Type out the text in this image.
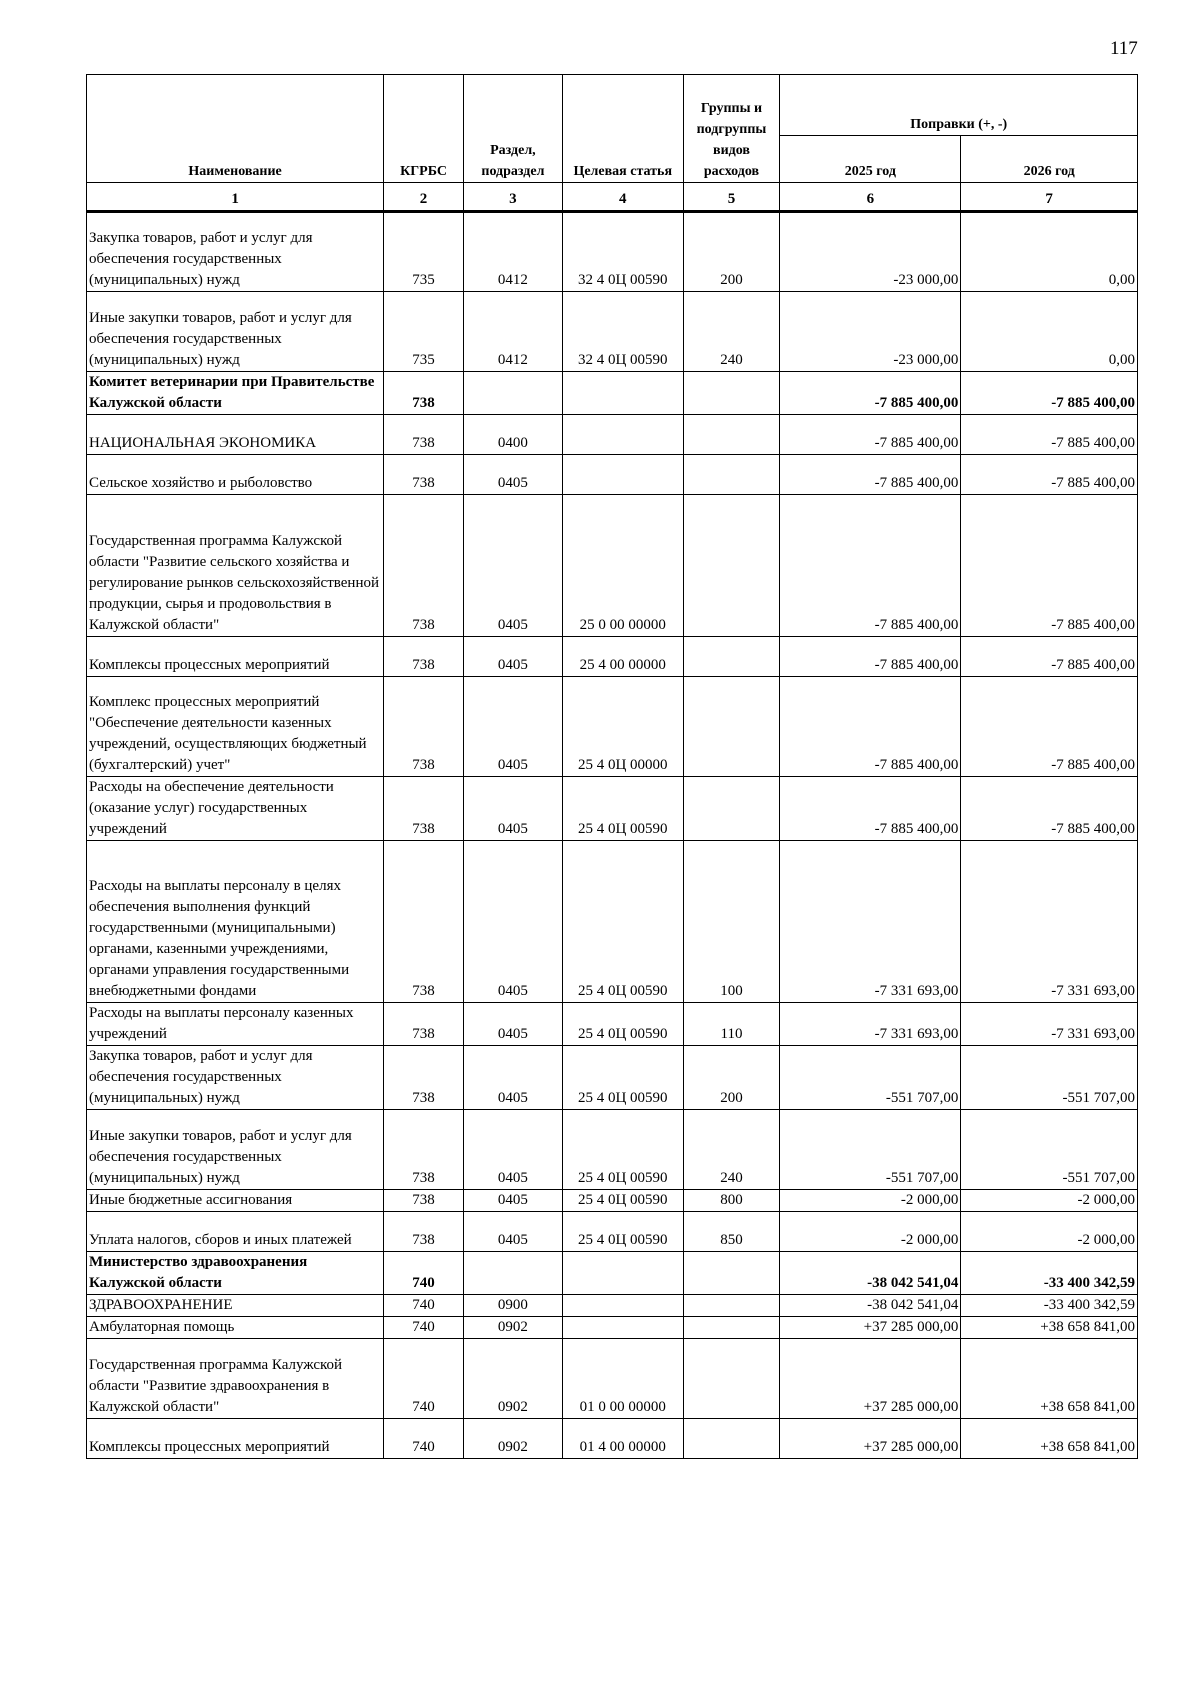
117
Наименование	КГРБС	Раздел, подраздел	Целевая статья	Группы и подгруппы видов расходов	Поправки (+, -)	
					2025 год	2026 год
1	2	3	4	5	6	7
Закупка товаров, работ и услуг для обеспечения государственных (муниципальных) нужд	735	0412	32 4 0Ц 00590	200	-23 000,00	0,00
Иные закупки товаров, работ и услуг для обеспечения государственных (муниципальных) нужд	735	0412	32 4 0Ц 00590	240	-23 000,00	0,00
Комитет ветеринарии при Правительстве Калужской области	738				-7 885 400,00	-7 885 400,00
НАЦИОНАЛЬНАЯ ЭКОНОМИКА	738	0400			-7 885 400,00	-7 885 400,00
Сельское хозяйство и рыболовство	738	0405			-7 885 400,00	-7 885 400,00
Государственная программа Калужской области "Развитие сельского хозяйства и регулирование рынков сельскохозяйственной продукции, сырья и продовольствия в Калужской области"	738	0405	25 0 00 00000		-7 885 400,00	-7 885 400,00
Комплексы процессных мероприятий	738	0405	25 4 00 00000		-7 885 400,00	-7 885 400,00
Комплекс процессных мероприятий "Обеспечение деятельности казенных учреждений, осуществляющих бюджетный (бухгалтерский) учет"	738	0405	25 4 0Ц 00000		-7 885 400,00	-7 885 400,00
Расходы на обеспечение деятельности (оказание услуг) государственных учреждений	738	0405	25 4 0Ц 00590		-7 885 400,00	-7 885 400,00
Расходы на выплаты персоналу в целях обеспечения выполнения функций государственными (муниципальными) органами, казенными учреждениями, органами управления государственными внебюджетными фондами	738	0405	25 4 0Ц 00590	100	-7 331 693,00	-7 331 693,00
Расходы на выплаты персоналу казенных учреждений	738	0405	25 4 0Ц 00590	110	-7 331 693,00	-7 331 693,00
Закупка товаров, работ и услуг для обеспечения государственных (муниципальных) нужд	738	0405	25 4 0Ц 00590	200	-551 707,00	-551 707,00
Иные закупки товаров, работ и услуг для обеспечения государственных (муниципальных) нужд	738	0405	25 4 0Ц 00590	240	-551 707,00	-551 707,00
Иные бюджетные ассигнования	738	0405	25 4 0Ц 00590	800	-2 000,00	-2 000,00
Уплата налогов, сборов и иных платежей	738	0405	25 4 0Ц 00590	850	-2 000,00	-2 000,00
Министерство здравоохранения Калужской области	740				-38 042 541,04	-33 400 342,59
ЗДРАВООХРАНЕНИЕ	740	0900			-38 042 541,04	-33 400 342,59
Амбулаторная помощь	740	0902			+37 285 000,00	+38 658 841,00
Государственная программа Калужской области "Развитие здравоохранения в Калужской области"	740	0902	01 0 00 00000		+37 285 000,00	+38 658 841,00
Комплексы процессных мероприятий	740	0902	01 4 00 00000		+37 285 000,00	+38 658 841,00
